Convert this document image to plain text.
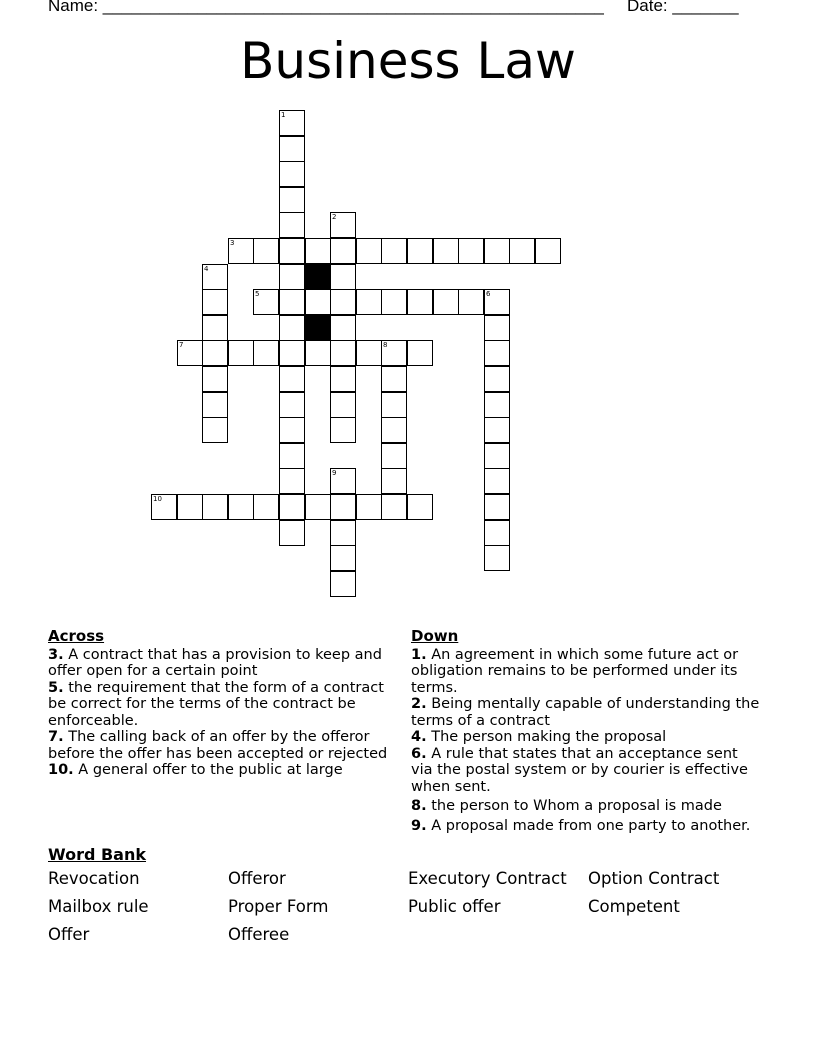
Name: _____________________________________________________ Date: _______
Business Law
1
2
3
4
5	6
7	8
9
10
Across

3. A contract that has a provision to keep and offer open for a certain point

5. the requirement that the form of a contract be correct for the terms of the contract be enforceable.

7. The calling back of an offer by the offeror before the offer has been accepted or rejected

10. A general offer to the public at large

Down

1. An agreement in which some future act or obligation remains to be performed under its terms.

2. Being mentally capable of understanding the terms of a contract

4. The person making the proposal

6. A rule that states that an acceptance sent via the postal system or by courier is effective when sent.

8. the person to Whom a proposal is made

9. A proposal made from one party to another.

Word Bank
Revocation	Offeror	Executory Contract	Option Contract
Mailbox rule	Proper Form	Public offer	Competent
Offer	Offeree
